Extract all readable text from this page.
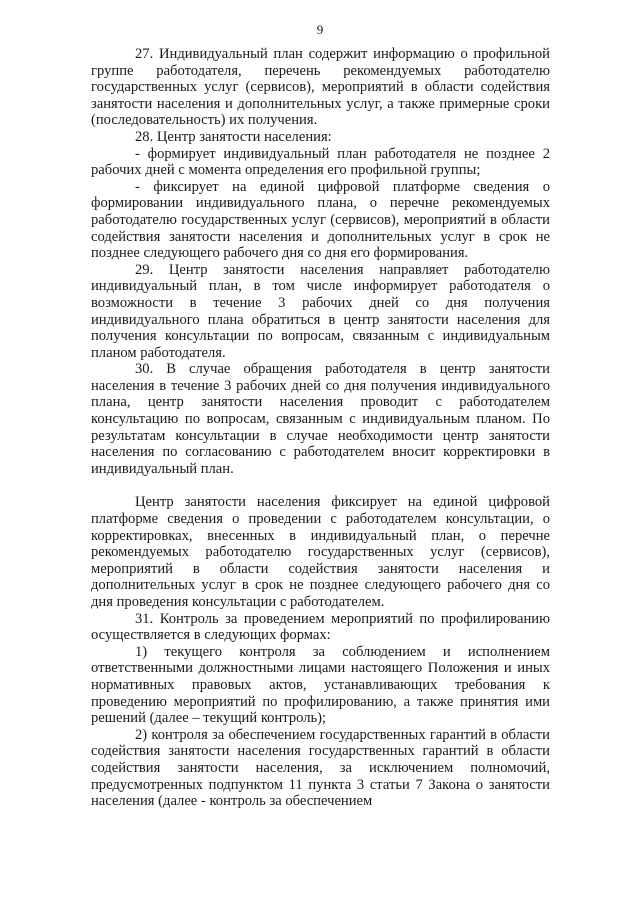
9

27. Индивидуальный план содержит информацию о профильной группе работодателя, перечень рекомендуемых работодателю государственных услуг (сервисов), мероприятий в области содействия занятости населения и дополнительных услуг, а также примерные сроки (последовательность) их получения.

28. Центр занятости населения:

- формирует индивидуальный план работодателя не позднее 2 рабочих дней с момента определения его профильной группы;

- фиксирует на единой цифровой платформе сведения о формировании индивидуального плана, о перечне рекомендуемых работодателю государственных услуг (сервисов), мероприятий в области содействия занятости населения и дополнительных услуг в срок не позднее следующего рабочего дня со дня его формирования.

29. Центр занятости населения направляет работодателю индивидуальный план, в том числе информирует работодателя о возможности в течение 3 рабочих дней со дня получения индивидуального плана обратиться в центр занятости населения для получения консультации по вопросам, связанным с индивидуальным планом работодателя.

30. В случае обращения работодателя в центр занятости населения в течение 3 рабочих дней со дня получения индивидуального плана, центр занятости населения проводит с работодателем консультацию по вопросам, связанным с индивидуальным планом. По результатам консультации в случае необходимости центр занятости населения по согласованию с работодателем вносит корректировки в индивидуальный план.

Центр занятости населения фиксирует на единой цифровой платформе сведения о проведении с работодателем консультации, о корректировках, внесенных в индивидуальный план, о перечне рекомендуемых работодателю государственных услуг (сервисов), мероприятий в области содействия занятости населения и дополнительных услуг в срок не позднее следующего рабочего дня со дня проведения консультации с работодателем.

31. Контроль за проведением мероприятий по профилированию осуществляется в следующих формах:

1) текущего контроля за соблюдением и исполнением ответственными должностными лицами настоящего Положения и иных нормативных правовых актов, устанавливающих требования к проведению мероприятий по профилированию, а также принятия ими решений (далее – текущий контроль);

2) контроля за обеспечением государственных гарантий в области содействия занятости населения государственных гарантий в области содействия занятости населения, за исключением полномочий, предусмотренных подпунктом 11 пункта 3 статьи 7 Закона о занятости населения (далее - контроль за обеспечением
